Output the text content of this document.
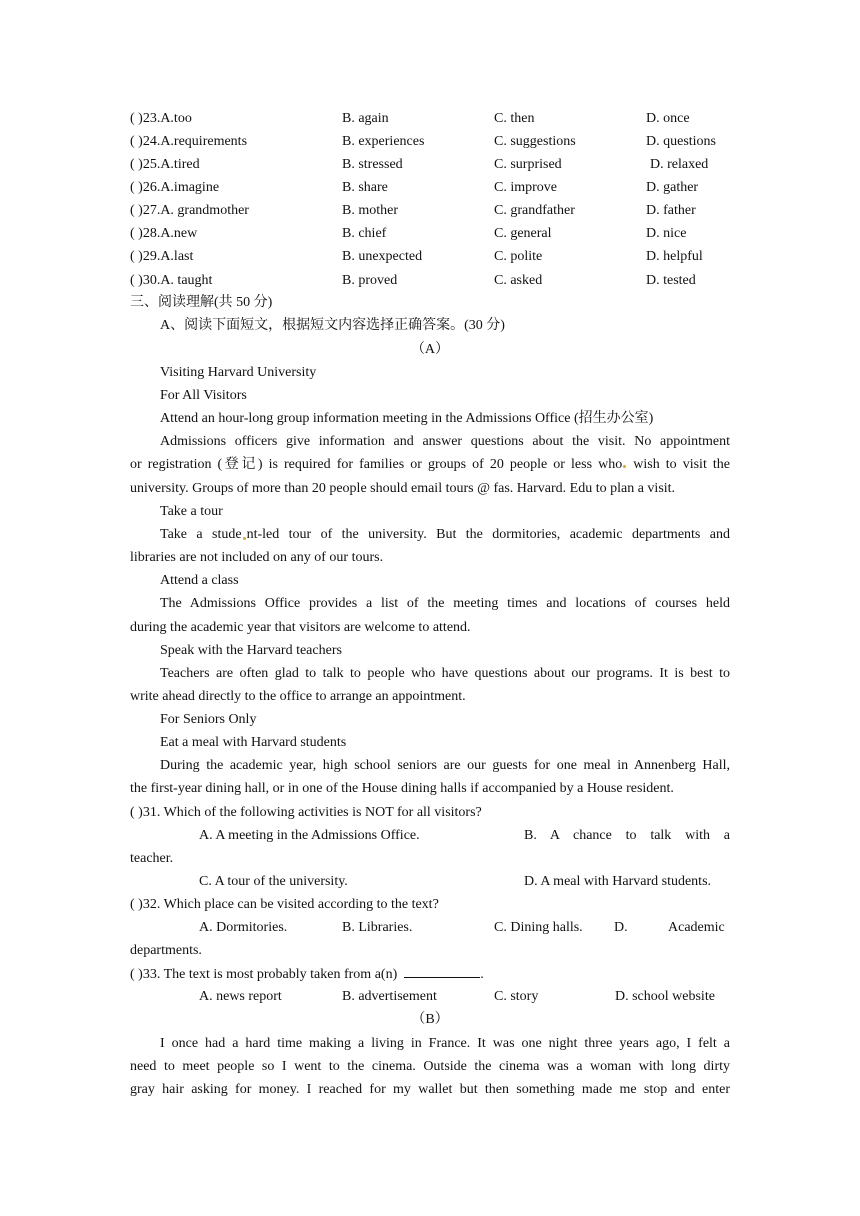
( )23.A.too	B. again	C. then	D. once
( )24.A.requirements	B. experiences	C. suggestions	D. questions
( )25.A.tired	B. stressed	C. surprised	D. relaxed
( )26.A.imagine	B. share	C. improve	D. gather
( )27.A. grandmother	B. mother	C. grandfather	D. father
( )28.A.new	B. chief	C. general	D. nice
( )29.A.last	B. unexpected	C. polite	D. helpful
( )30.A. taught	B. proved	C. asked	D. tested
三、阅读理解(共 50 分)
A、阅读下面短文，根据短文内容选择正确答案。(30 分)
（A）
Visiting Harvard University
For All Visitors
Attend an hour-long group information meeting in the Admissions Office (招生办公室)
Admissions officers give information and answer questions about the visit. No appointment
or registration (登记) is required for families or groups of 20 people or less who wish to visit the
university. Groups of more than 20 people should email tours @ fas. Harvard. Edu to plan a visit.
Take a tour
Take a stude nt-led tour of the university. But the dormitories, academic departments and
libraries are not included on any of our tours.
Attend a class
The Admissions Office provides a list of the meeting times and locations of courses held
during the academic year that visitors are welcome to attend.
Speak with the Harvard teachers
Teachers are often glad to talk to people who have questions about our programs. It is best to
write ahead directly to the office to arrange an appointment.
For Seniors Only
Eat a meal with Harvard students
During the academic year, high school seniors are our guests for one meal in Annenberg Hall,
the first-year dining hall, or in one of the House dining halls if accompanied by a House resident.
( )31. Which of the following activities is NOT for all visitors?
A. A meeting in the Admissions Office.	B. A chance to talk with a
teacher.
C. A tour of the university.	D. A meal with Harvard students.
( )32. Which place can be visited according to the text?
A. Dormitories.	B. Libraries.	C. Dining halls. D.	Academic
departments.
( )33. The text is most probably taken from a(n)	.
A. news report	B. advertisement	C. story	D. school website
（B）
I once had a hard time making a living in France. It was one night three years ago, I felt a
need to meet people so I went to the cinema. Outside the cinema was a woman with long dirty
gray hair asking for money. I reached for my wallet but then something made me stop and enter
